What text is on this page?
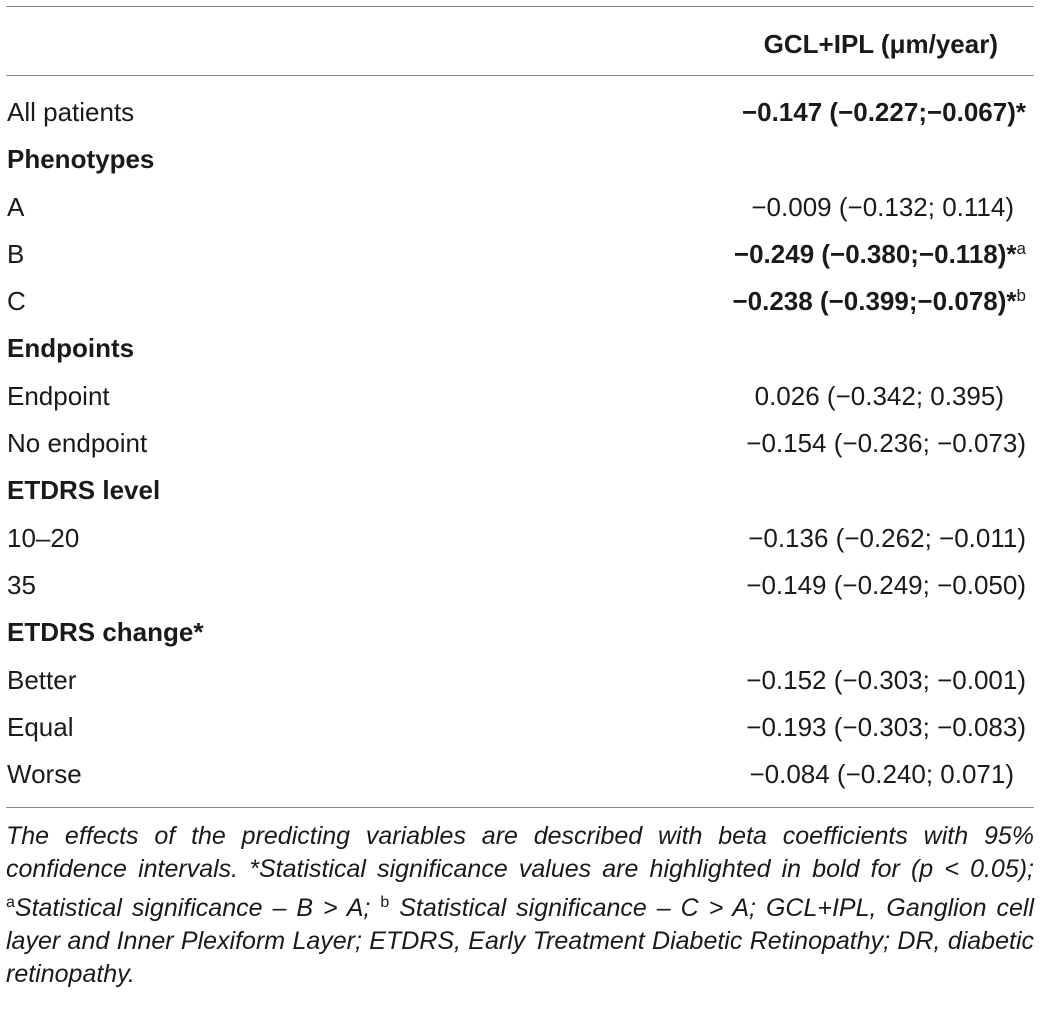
GCL+IPL (μm/year)
All patients	−0.147 (−0.227;−0.067)*
Phenotypes
A	−0.009 (−0.132; 0.114)
B	−0.249 (−0.380;−0.118)*$^a$
C	−0.238 (−0.399;−0.078)*$^b$
Endpoints
Endpoint	0.026 (−0.342; 0.395)
No endpoint	−0.154 (−0.236; −0.073)
ETDRS level
10–20	−0.136 (−0.262; −0.011)
35	−0.149 (−0.249; −0.050)
ETDRS change*
Better	−0.152 (−0.303; −0.001)
Equal	−0.193 (−0.303; −0.083)
Worse	−0.084 (−0.240; 0.071)
The effects of the predicting variables are described with beta coefficients with 95% confidence intervals. *Statistical significance values are highlighted in bold for (p < 0.05); $^a$Statistical significance – B > A; $^b$ Statistical significance – C > A; GCL+IPL, Ganglion cell layer and Inner Plexiform Layer; ETDRS, Early Treatment Diabetic Retinopathy; DR, diabetic retinopathy.
